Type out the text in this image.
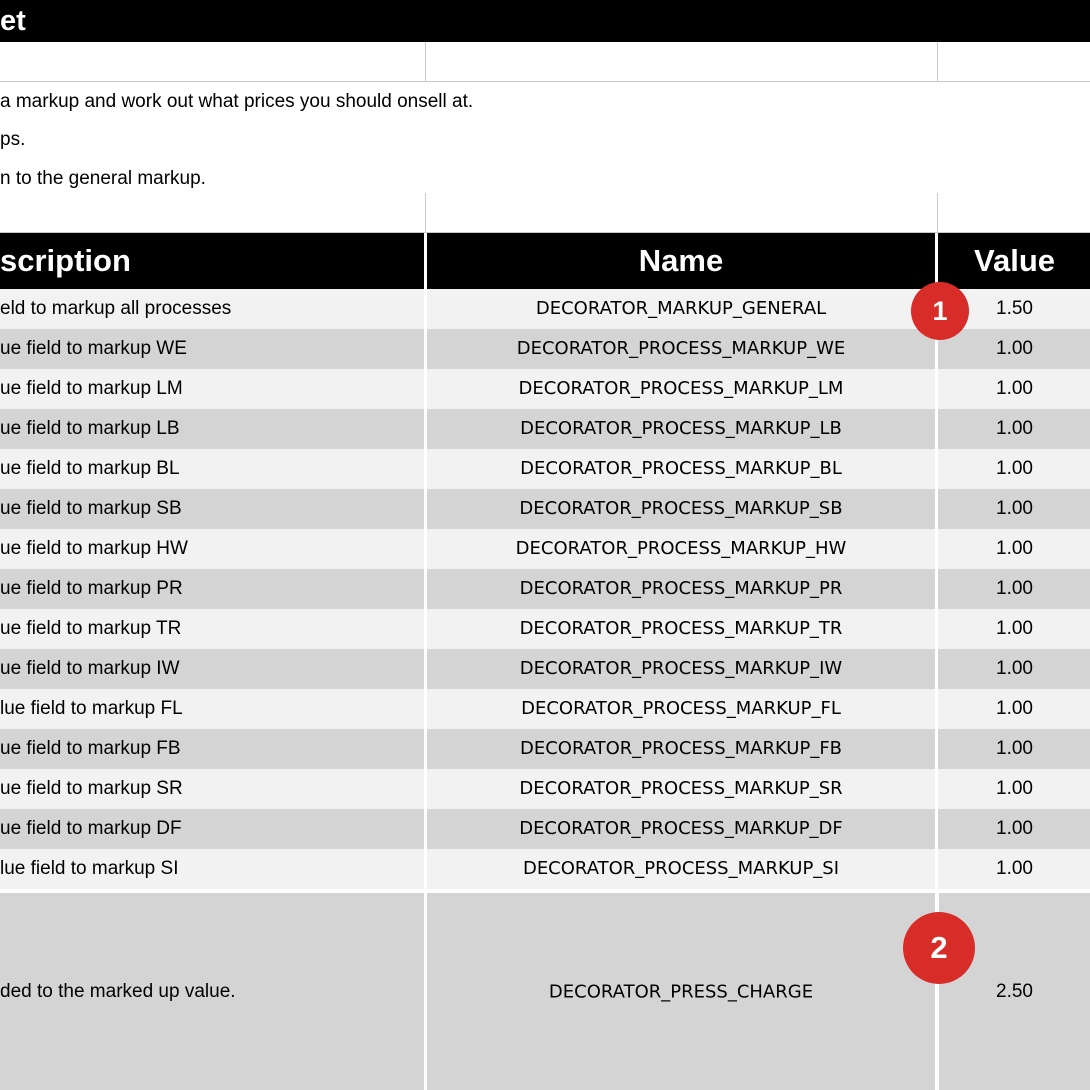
et
a markup and work out what prices you should onsell at.
ps.
n to the general markup.
scription	Name	Value
eld to markup all processes	DECORATOR_MARKUP_GENERAL	1.50
ue field to markup WE	DECORATOR_PROCESS_MARKUP_WE	1.00
ue field to markup LM	DECORATOR_PROCESS_MARKUP_LM	1.00
ue field to markup LB	DECORATOR_PROCESS_MARKUP_LB	1.00
ue field to markup BL	DECORATOR_PROCESS_MARKUP_BL	1.00
ue field to markup SB	DECORATOR_PROCESS_MARKUP_SB	1.00
ue field to markup HW	DECORATOR_PROCESS_MARKUP_HW	1.00
ue field to markup PR	DECORATOR_PROCESS_MARKUP_PR	1.00
ue field to markup TR	DECORATOR_PROCESS_MARKUP_TR	1.00
ue field to markup IW	DECORATOR_PROCESS_MARKUP_IW	1.00
lue field to markup FL	DECORATOR_PROCESS_MARKUP_FL	1.00
ue field to markup FB	DECORATOR_PROCESS_MARKUP_FB	1.00
ue field to markup SR	DECORATOR_PROCESS_MARKUP_SR	1.00
ue field to markup DF	DECORATOR_PROCESS_MARKUP_DF	1.00
lue field to markup SI	DECORATOR_PROCESS_MARKUP_SI	1.00
ded to the marked up value.	DECORATOR_PRESS_CHARGE	2.50
1
2
